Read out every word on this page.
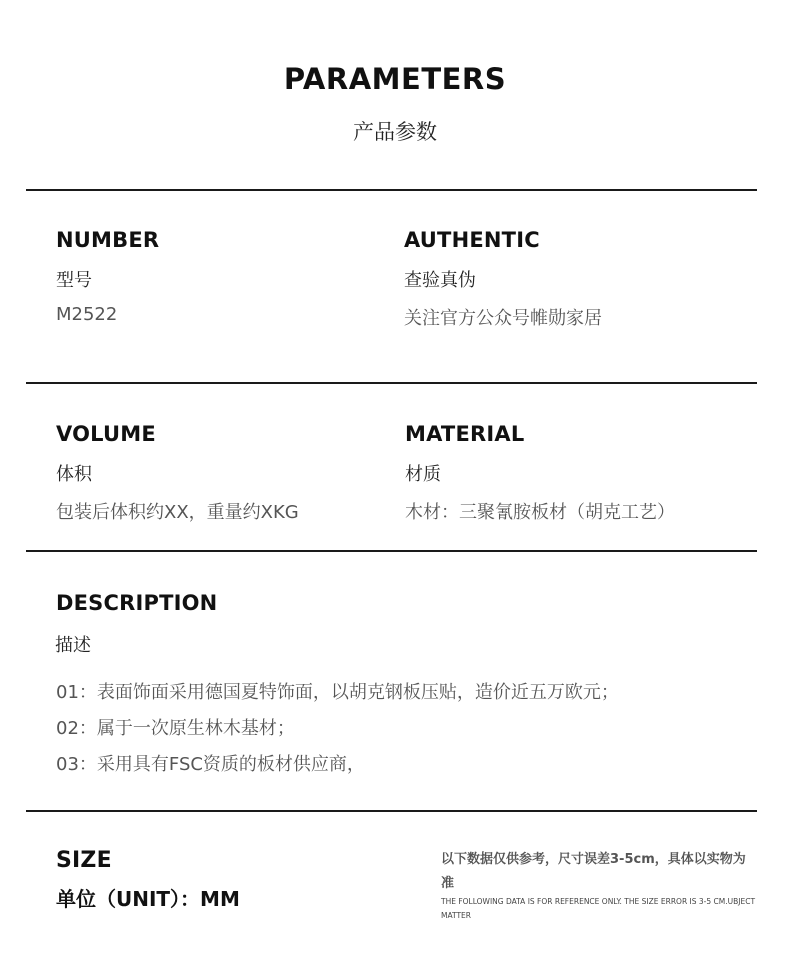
PARAMETERS
产品参数
NUMBER
型号
M2522
AUTHENTIC
查验真伪
关注官方公众号帷勋家居
VOLUME
体积
包装后体积约XX，重量约XKG
MATERIAL
材质
木材：三聚氰胺板材（胡克工艺）
DESCRIPTION
描述
01：表面饰面采用德国夏特饰面，以胡克钢板压贴，造价近五万欧元；
02：属于一次原生林木基材；
03：采用具有FSC资质的板材供应商，
SIZE
单位（UNIT）：MM
以下数据仅供参考，尺寸误差3-5cm，具体以实物为准
THE FOLLOWING DATA IS FOR REFERENCE ONLY. THE SIZE ERROR IS 3-5 CM.UBJECT MATTER
